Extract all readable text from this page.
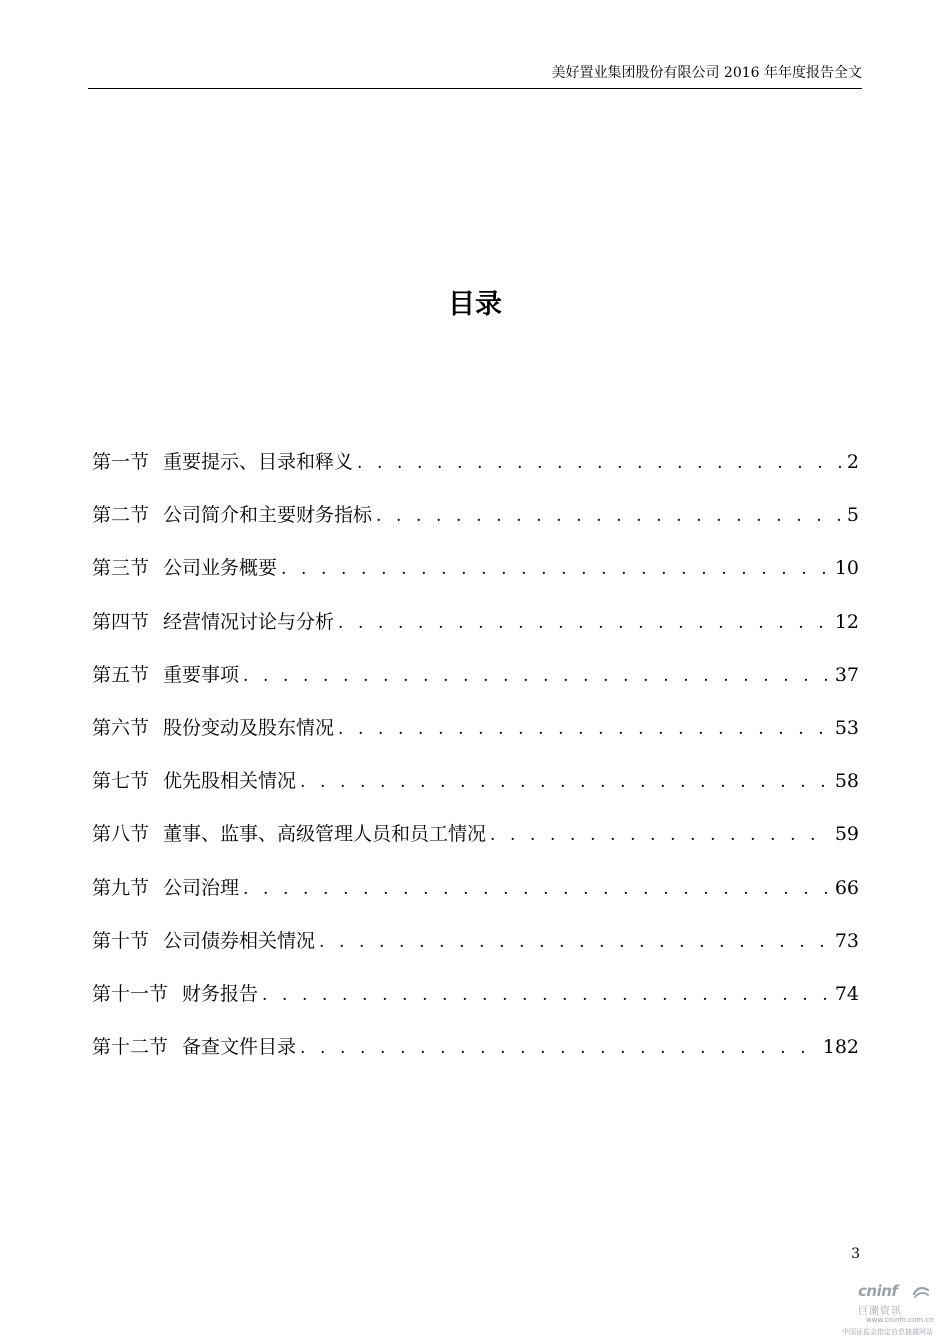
美好置业集团股份有限公司 2016 年年度报告全文
目录
第一节 重要提示、目录和释义 . . .	2
第二节 公司简介和主要财务指标 . . .	5
第三节 公司业务概要 . . .	10
第四节 经营情况讨论与分析 . . .	12
第五节 重要事项 . . .	37
第六节 股份变动及股东情况 . . .	53
第七节 优先股相关情况 . . .	58
第八节 董事、监事、高级管理人员和员工情况 . . .	59
第九节 公司治理 . . .	66
第十节 公司债券相关情况 . . .	73
第十一节 财务报告 . . .	74
第十二节 备查文件目录 . . .	182
3
cninf
巨潮资讯
www.cninfo.com.cn
中国证监会指定信息披露网站
